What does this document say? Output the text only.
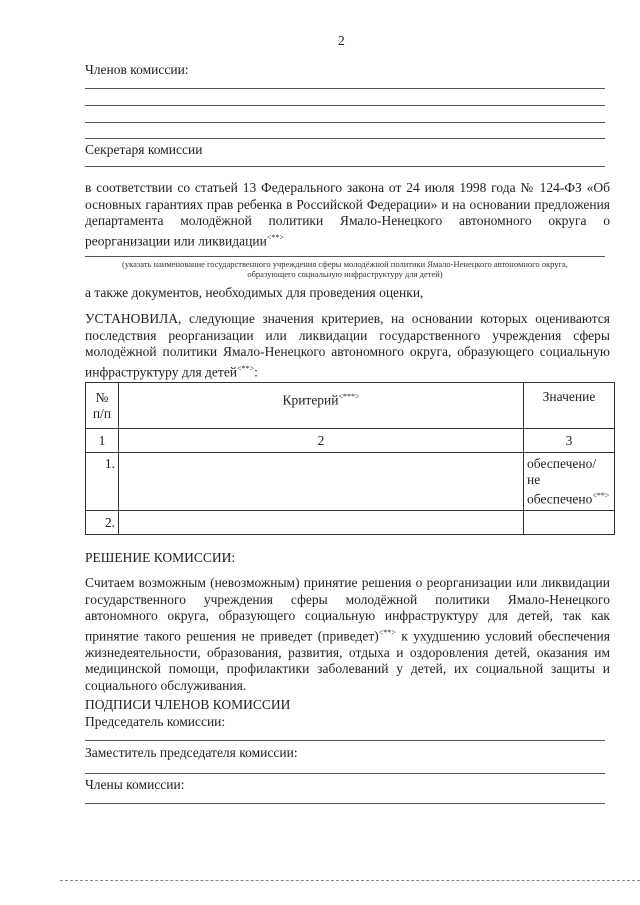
2
Членов комиссии:
Секретаря комиссии
в соответствии со статьей 13 Федерального закона от 24 июля 1998 года № 124-ФЗ «Об основных гарантиях прав ребенка в Российской Федерации» и на основании предложения департамента молодёжной политики Ямало-Ненецкого автономного округа о реорганизации или ликвидации<**>
(указать наименование государственного учреждения сферы молодёжной политики Ямало-Ненецкого автономного округа, образующего социальную инфраструктуру для детей)
а также документов, необходимых для проведения оценки,
УСТАНОВИЛА, следующие значения критериев, на основании которых оцениваются последствия реорганизации или ликвидации государственного учреждения сферы молодёжной политики Ямало-Ненецкого автономного округа, образующего социальную инфраструктуру для детей<**>:
№ п/п	Критерий<***>	Значение
1	2	3
1.		обеспечено/ не обеспечено<**>
2.		
РЕШЕНИЕ КОМИССИИ:
Считаем возможным (невозможным) принятие решения о реорганизации или ликвидации государственного учреждения сферы молодёжной политики Ямало-Ненецкого автономного округа, образующего социальную инфраструктуру для детей, так как принятие такого решения не приведет (приведет)<**> к ухудшению условий обеспечения жизнедеятельности, образования, развития, отдыха и оздоровления детей, оказания им медицинской помощи, профилактики заболеваний у детей, их социальной защиты и социального обслуживания.
ПОДПИСИ ЧЛЕНОВ КОМИССИИ
Председатель комиссии:
Заместитель председателя комиссии:
Члены комиссии:
